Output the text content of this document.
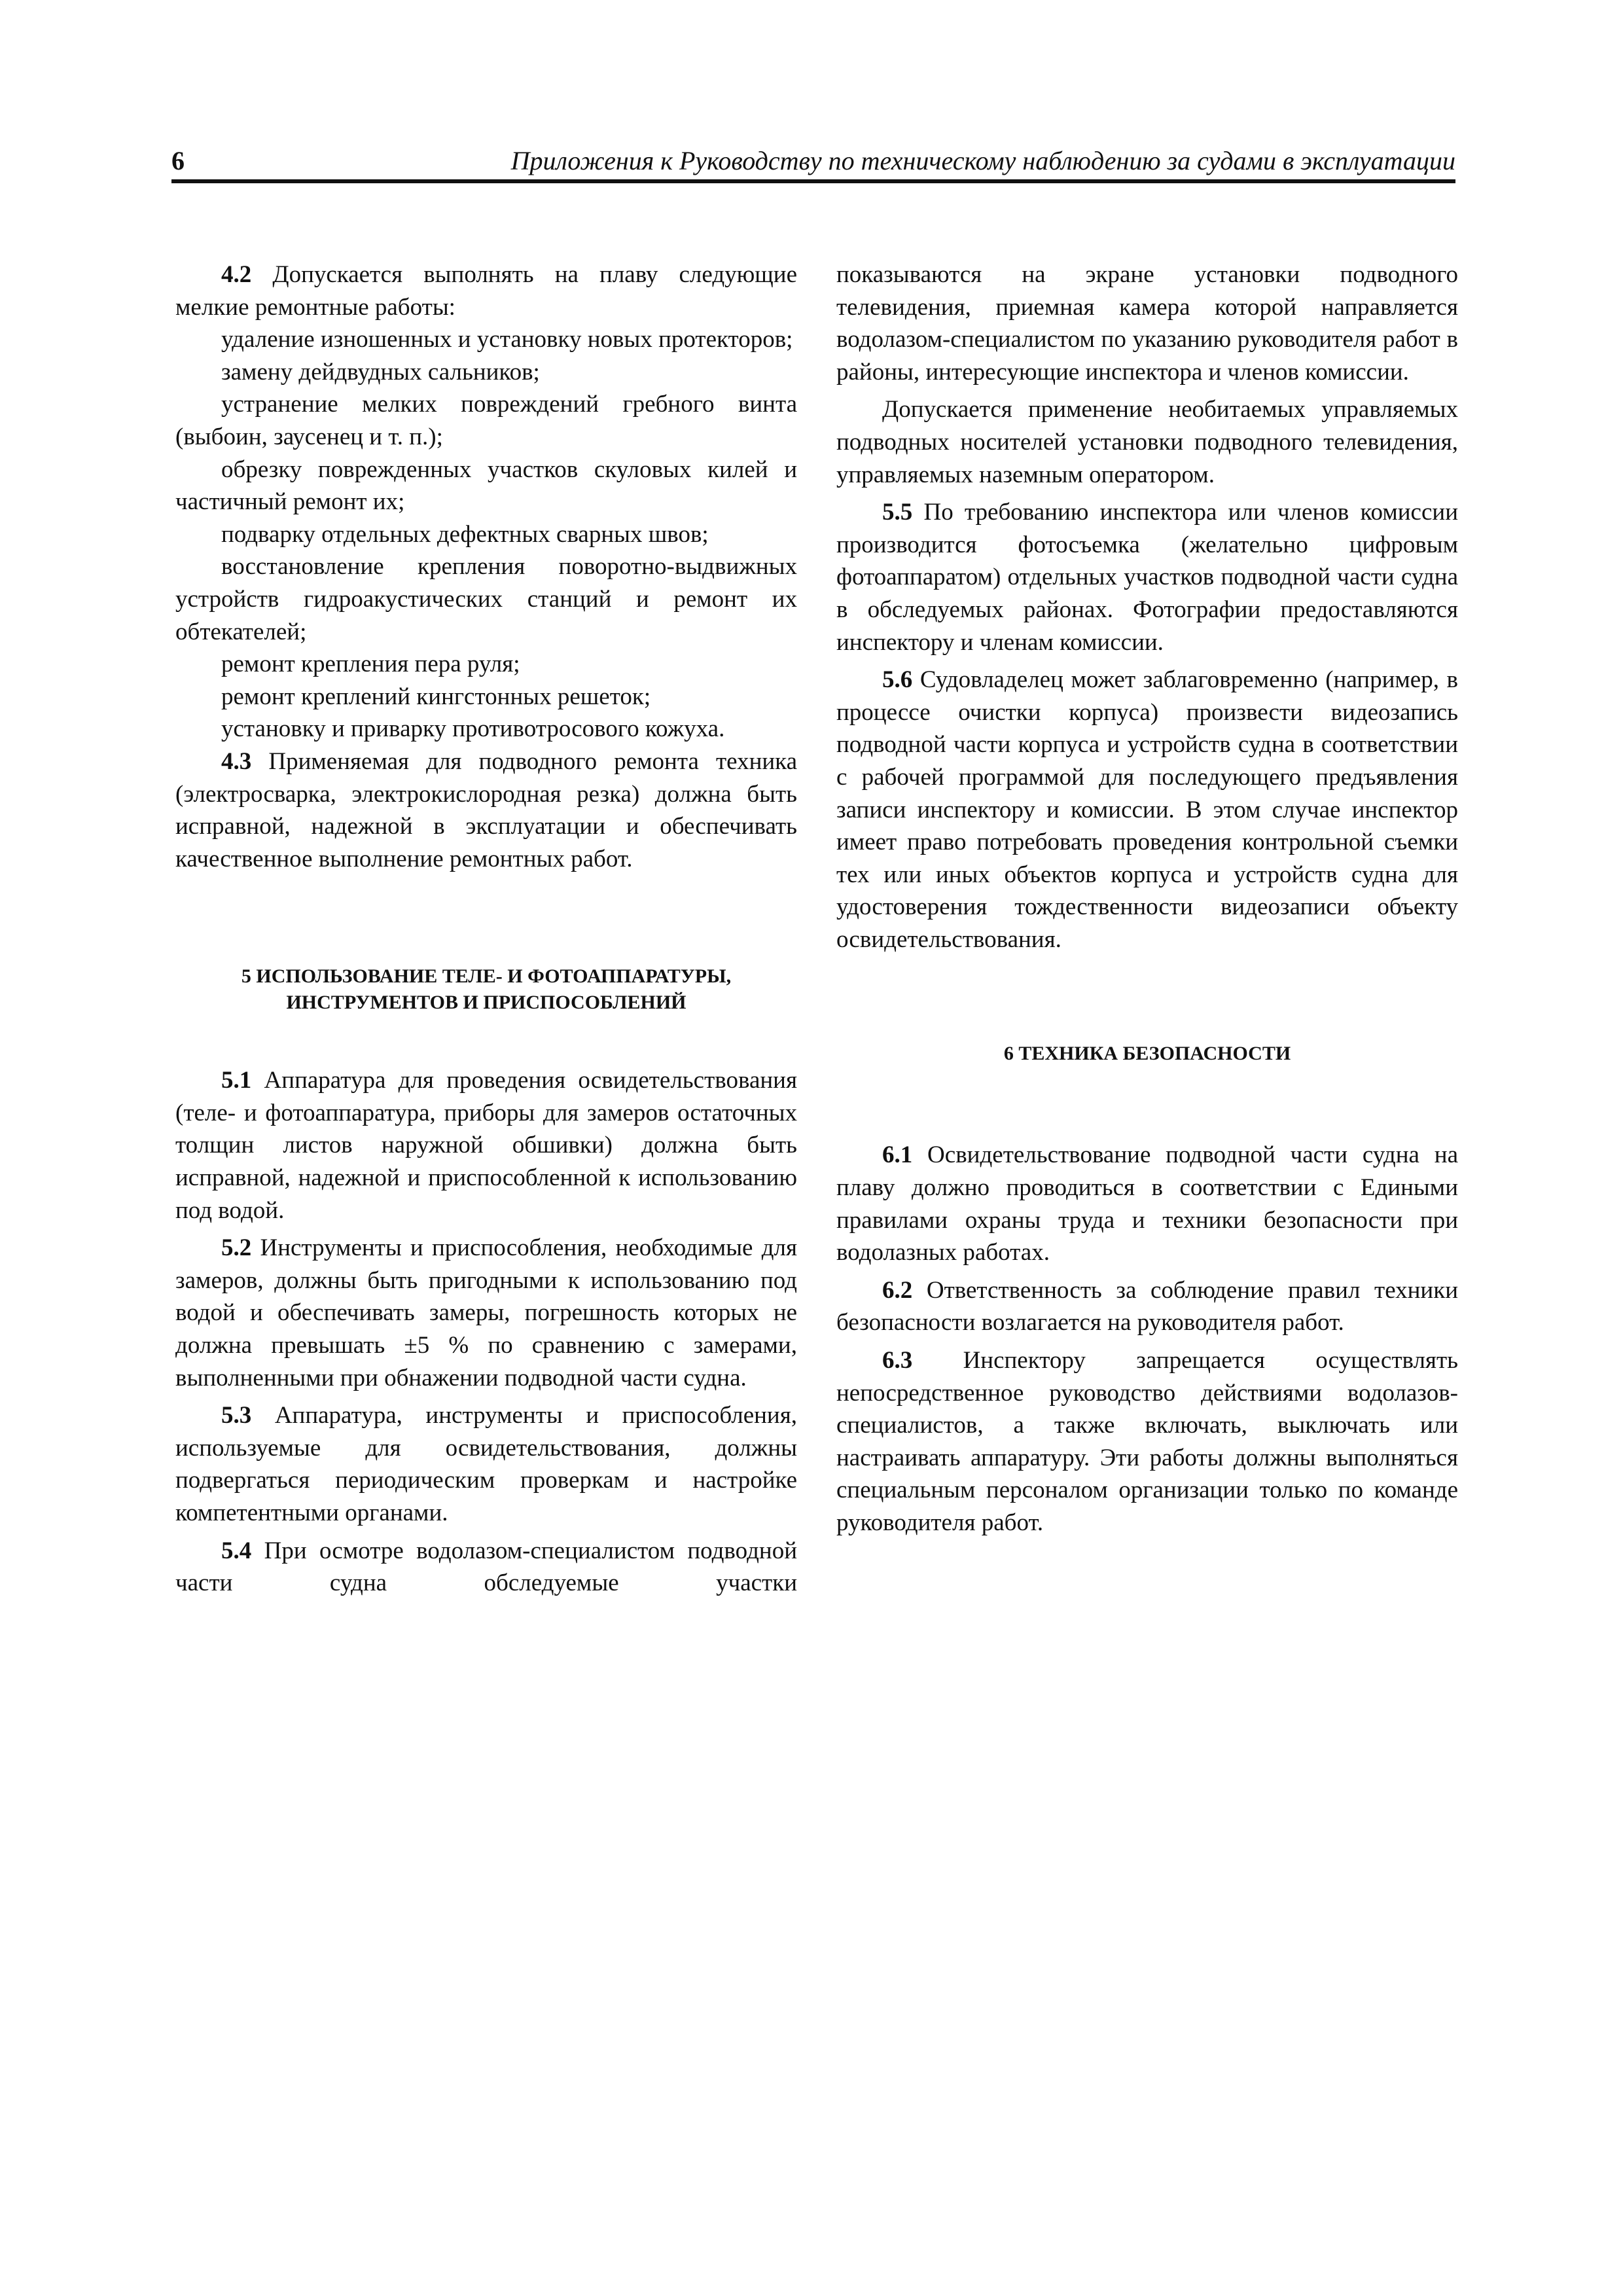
6	Приложения к Руководству по техническому наблюдению за судами в эксплуатации

4.2 Допускается выполнять на плаву следующие мелкие ремонтные работы:

удаление изношенных и установку новых протекторов;

замену дейдвудных сальников;

устранение мелких повреждений гребного винта (выбоин, заусенец и т. п.);

обрезку поврежденных участков скуловых килей и частичный ремонт их;

подварку отдельных дефектных сварных швов;

восстановление крепления поворотно-выдвижных устройств гидроакустических станций и ремонт их обтекателей;

ремонт крепления пера руля;

ремонт креплений кингстонных решеток;

установку и приварку противотросового кожуха.

4.3 Применяемая для подводного ремонта техника (электросварка, электрокислородная резка) должна быть исправной, надежной в эксплуатации и обеспечивать качественное выполнение ремонтных работ.

5 ИСПОЛЬЗОВАНИЕ ТЕЛЕ- И ФОТОАППАРАТУРЫ,

ИНСТРУМЕНТОВ И ПРИСПОСОБЛЕНИЙ

5.1 Аппаратура для проведения освидетельствования (теле- и фотоаппаратура, приборы для замеров остаточных толщин листов наружной обшивки) должна быть исправной, надежной и приспособленной к использованию под водой.

5.2 Инструменты и приспособления, необходимые для замеров, должны быть пригодными к использованию под водой и обеспечивать замеры, погрешность которых не должна превышать ±5 % по сравнению с замерами, выполненными при обнажении подводной части судна.

5.3 Аппаратура, инструменты и приспособления, используемые для освидетельствования, должны подвергаться периодическим проверкам и настройке компетентными органами.

5.4 При осмотре водолазом-специалистом подводной части судна обследуемые участки

показываются на экране установки подводного телевидения, приемная камера которой направляется водолазом-специалистом по указанию руководителя работ в районы, интересующие инспектора и членов комиссии.

Допускается применение необитаемых управляемых подводных носителей установки подводного телевидения, управляемых наземным оператором.

5.5 По требованию инспектора или членов комиссии производится фотосъемка (желательно цифровым фотоаппаратом) отдельных участков подводной части судна в обследуемых районах. Фотографии предоставляются инспектору и членам комиссии.

5.6 Судовладелец может заблаговременно (например, в процессе очистки корпуса) произвести видеозапись подводной части корпуса и устройств судна в соответствии с рабочей программой для последующего предъявления записи инспектору и комиссии. В этом случае инспектор имеет право потребовать проведения контрольной съемки тех или иных объектов корпуса и устройств судна для удостоверения тождественности видеозаписи объекту освидетельствования.

6 ТЕХНИКА БЕЗОПАСНОСТИ

6.1 Освидетельствование подводной части судна на плаву должно проводиться в соответствии с Едиными правилами охраны труда и техники безопасности при водолазных работах.

6.2 Ответственность за соблюдение правил техники безопасности возлагается на руководителя работ.

6.3 Инспектору запрещается осуществлять непосредственное руководство действиями водолазов-специалистов, а также включать, выключать или настраивать аппаратуру. Эти работы должны выполняться специальным персоналом организации только по команде руководителя работ.
